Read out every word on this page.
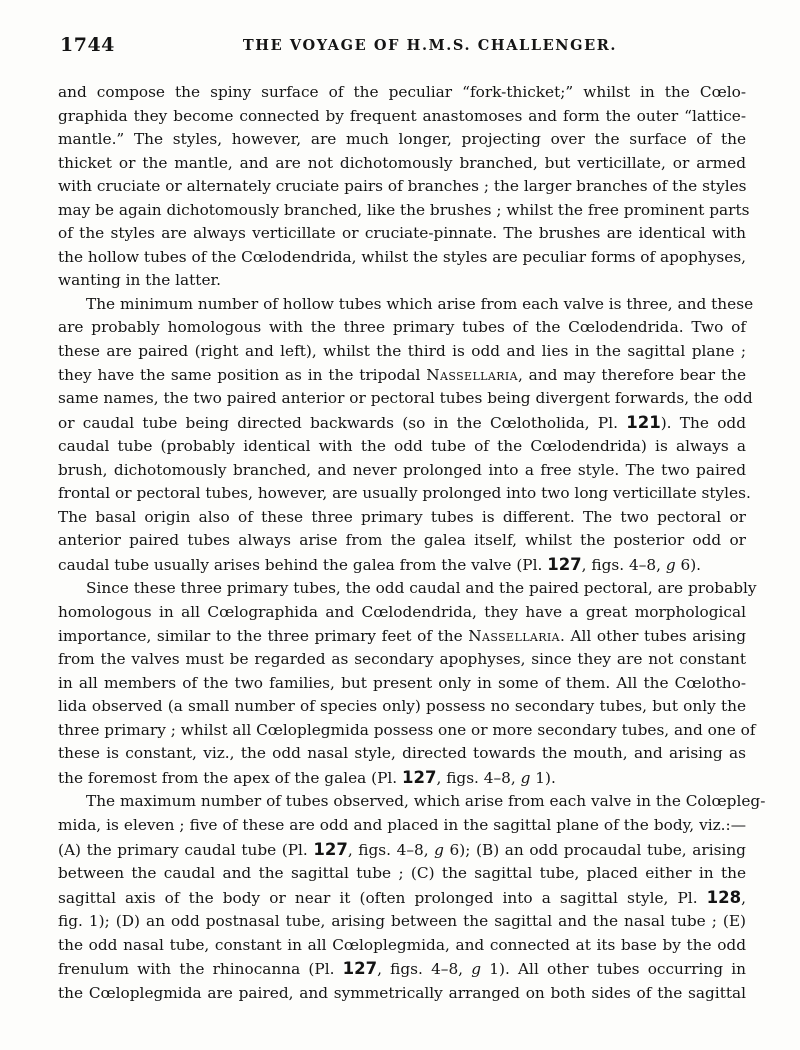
1744	THE VOYAGE OF H.M.S. CHALLENGER.

and compose the spiny surface of the peculiar “fork-thicket;” whilst in the Cœlo-
graphida they become connected by frequent anastomoses and form the outer “lattice-
mantle.” The styles, however, are much longer, projecting over the surface of the
thicket or the mantle, and are not dichotomously branched, but verticillate, or armed
with cruciate or alternately cruciate pairs of branches ; the larger branches of the styles
may be again dichotomously branched, like the brushes ; whilst the free prominent parts
of the styles are always verticillate or cruciate-pinnate. The brushes are identical with
the hollow tubes of the Cœlodendrida, whilst the styles are peculiar forms of apophyses,
wanting in the latter.

The minimum number of hollow tubes which arise from each valve is three, and these
are probably homologous with the three primary tubes of the Cœlodendrida. Two of
these are paired (right and left), whilst the third is odd and lies in the sagittal plane ;
they have the same position as in the tripodal Nassellaria, and may therefore bear the
same names, the two paired anterior or pectoral tubes being divergent forwards, the odd
or caudal tube being directed backwards (so in the Cœlotholida, Pl. 121). The odd
caudal tube (probably identical with the odd tube of the Cœlodendrida) is always a
brush, dichotomously branched, and never prolonged into a free style. The two paired
frontal or pectoral tubes, however, are usually prolonged into two long verticillate styles.
The basal origin also of these three primary tubes is different. The two pectoral or
anterior paired tubes always arise from the galea itself, whilst the posterior odd or
caudal tube usually arises behind the galea from the valve (Pl. 127, figs. 4–8, g 6).

Since these three primary tubes, the odd caudal and the paired pectoral, are probably
homologous in all Cœlographida and Cœlodendrida, they have a great morphological
importance, similar to the three primary feet of the Nassellaria. All other tubes arising
from the valves must be regarded as secondary apophyses, since they are not constant
in all members of the two families, but present only in some of them. All the Cœlotho-
lida observed (a small number of species only) possess no secondary tubes, but only the
three primary ; whilst all Cœloplegmida possess one or more secondary tubes, and one of
these is constant, viz., the odd nasal style, directed towards the mouth, and arising as
the foremost from the apex of the galea (Pl. 127, figs. 4–8, g 1).

The maximum number of tubes observed, which arise from each valve in the Colœpleg-
mida, is eleven ; five of these are odd and placed in the sagittal plane of the body, viz.:—
(A) the primary caudal tube (Pl. 127, figs. 4–8, g 6); (B) an odd procaudal tube, arising
between the caudal and the sagittal tube ; (C) the sagittal tube, placed either in the
sagittal axis of the body or near it (often prolonged into a sagittal style, Pl. 128,
fig. 1); (D) an odd postnasal tube, arising between the sagittal and the nasal tube ; (E)
the odd nasal tube, constant in all Cœloplegmida, and connected at its base by the odd
frenulum with the rhinocanna (Pl. 127, figs. 4–8, g 1). All other tubes occurring in
the Cœloplegmida are paired, and symmetrically arranged on both sides of the sagittal
